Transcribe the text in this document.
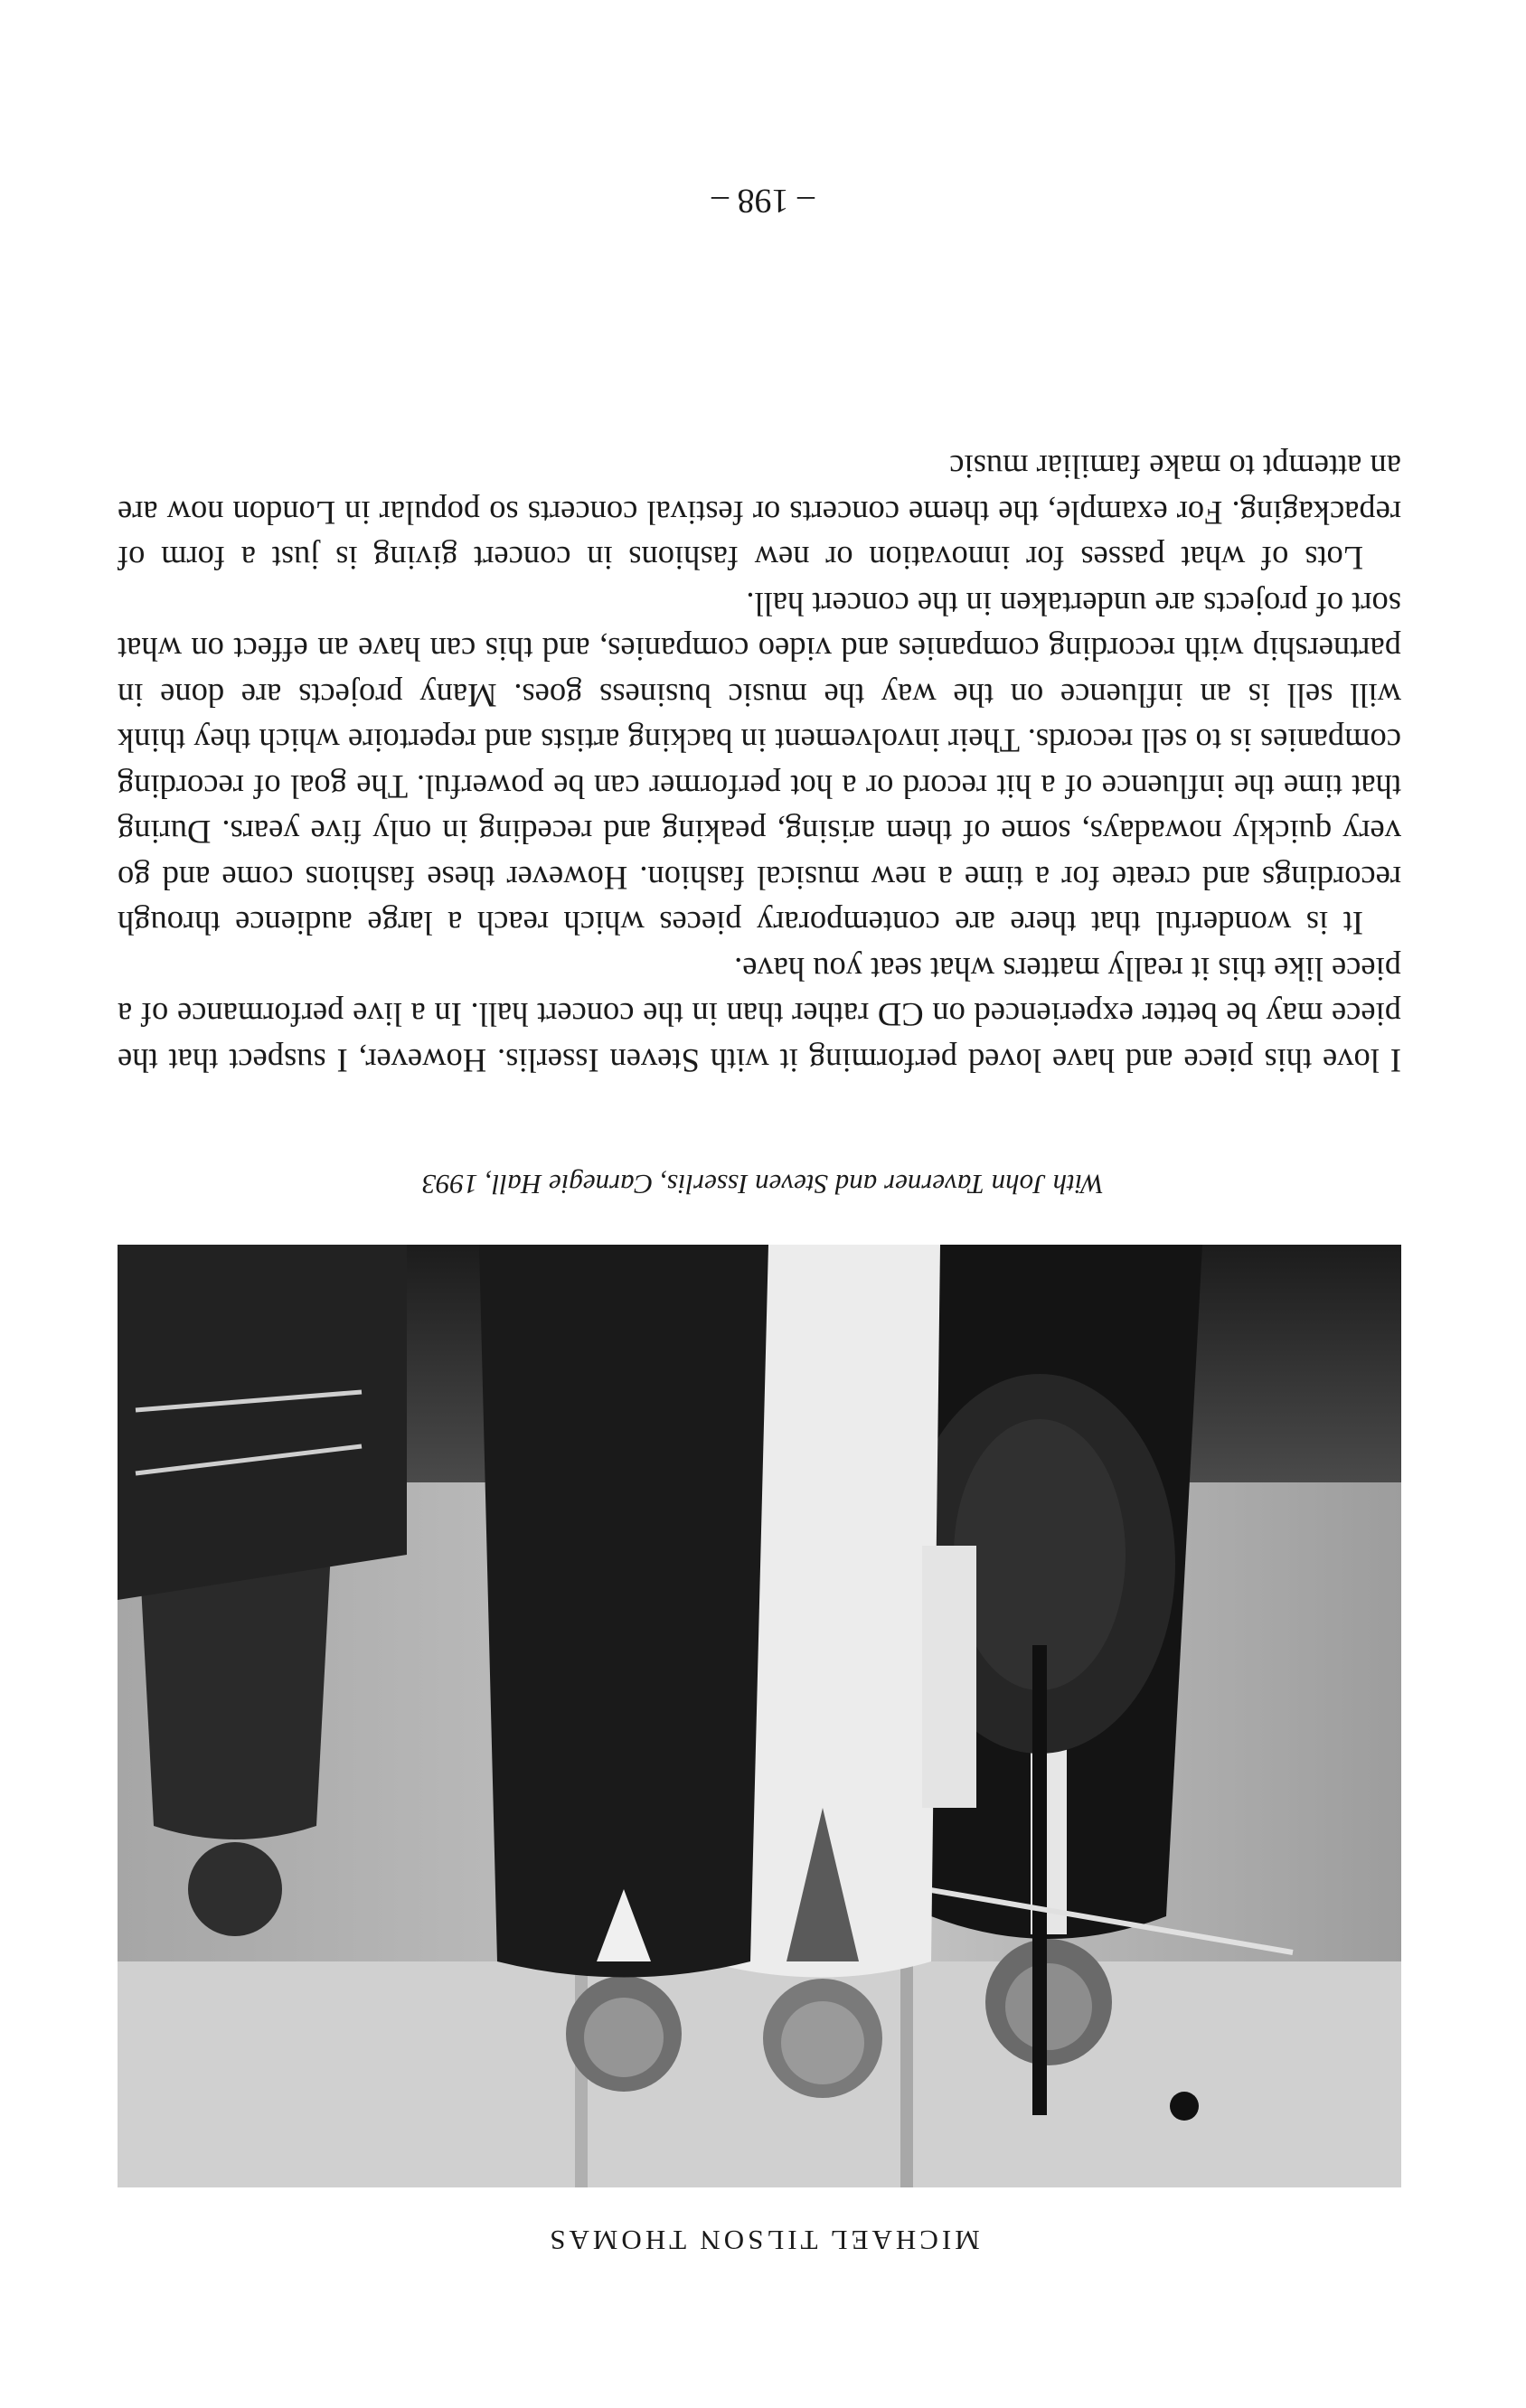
MICHAEL TILSON THOMAS
With John Taverner and Steven Isserlis, Carnegie Hall, 1993

I love this piece and have loved performing it with Steven Isserlis. However, I suspect that the piece may be better experienced on CD rather than in the concert hall. In a live performance of a piece like this it really matters what seat you have.

It is wonderful that there are contemporary pieces which reach a large audience through recordings and create for a time a new musical fashion. However these fashions come and go very quickly nowadays, some of them arising, peaking and receding in only five years. During that time the influence of a hit record or a hot performer can be powerful. The goal of recording companies is to sell records. Their involvement in backing artists and repertoire which they think will sell is an influence on the way the music business goes. Many projects are done in partnership with recording companies and video companies, and this can have an effect on what sort of projects are undertaken in the concert hall.

Lots of what passes for innovation or new fashions in concert giving is just a form of repackaging. For example, the theme concerts or festival concerts so popular in London now are an attempt to make familiar music

– 198 –
